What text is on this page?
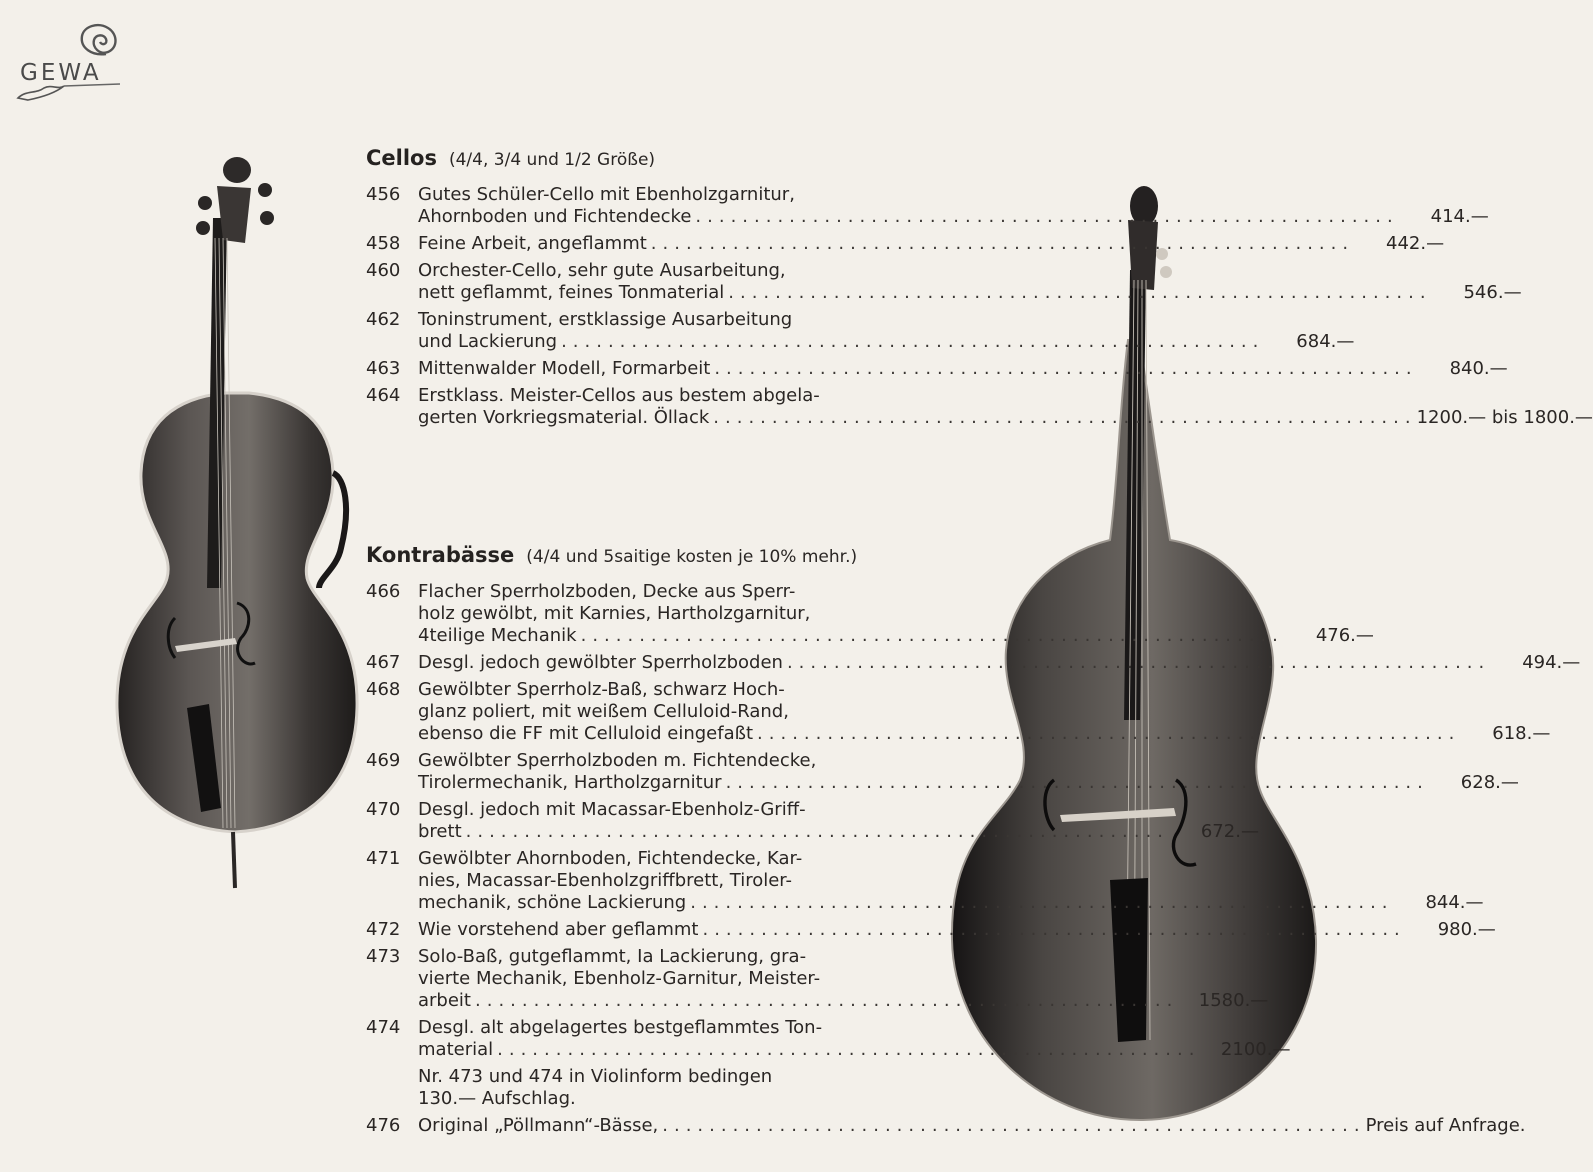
GEWA
Cellos (4/4, 3/4 und 1/2 Größe)
456 Gutes Schüler-Cello mit Ebenholzgarnitur,
Ahornboden und Fichtendecke ............................................................	414.—
458 Feine Arbeit, angeflammt ............................................................	442.—
460 Orchester-Cello, sehr gute Ausarbeitung,
nett geflammt, feines Tonmaterial ............................................................	546.—
462 Toninstrument, erstklassige Ausarbeitung
und Lackierung ............................................................	684.—
463 Mittenwalder Modell, Formarbeit ............................................................	840.—
464 Erstklass. Meister-Cellos aus bestem abgela-
gerten Vorkriegsmaterial. Öllack ............................................................ 1200.— bis 1800.—
Kontrabässe (4/4 und 5saitige kosten je 10% mehr.)
466 Flacher Sperrholzboden, Decke aus Sperr-
holz gewölbt, mit Karnies, Hartholzgarnitur,
4teilige Mechanik ............................................................	476.—
467 Desgl. jedoch gewölbter Sperrholzboden ............................................................	494.—
468 Gewölbter Sperrholz-Baß, schwarz Hoch-
glanz poliert, mit weißem Celluloid-Rand,
ebenso die FF mit Celluloid eingefaßt ............................................................	618.—
469 Gewölbter Sperrholzboden m. Fichtendecke,
Tirolermechanik, Hartholzgarnitur ............................................................	628.—
470 Desgl. jedoch mit Macassar-Ebenholz-Griff-
brett ............................................................	672.—
471 Gewölbter Ahornboden, Fichtendecke, Kar-
nies, Macassar-Ebenholzgriffbrett, Tiroler-
mechanik, schöne Lackierung ............................................................	844.—
472 Wie vorstehend aber geflammt ............................................................	980.—
473 Solo-Baß, gutgeflammt, Ia Lackierung, gra-
vierte Mechanik, Ebenholz-Garnitur, Meister-
arbeit ............................................................	1580.—
474 Desgl. alt abgelagertes bestgeflammtes Ton-
material ............................................................	2100.—
Nr. 473 und 474 in Violinform bedingen
130.— Aufschlag.
476 Original „Pöllmann“-Bässe, ............................................................ Preis auf Anfrage.
